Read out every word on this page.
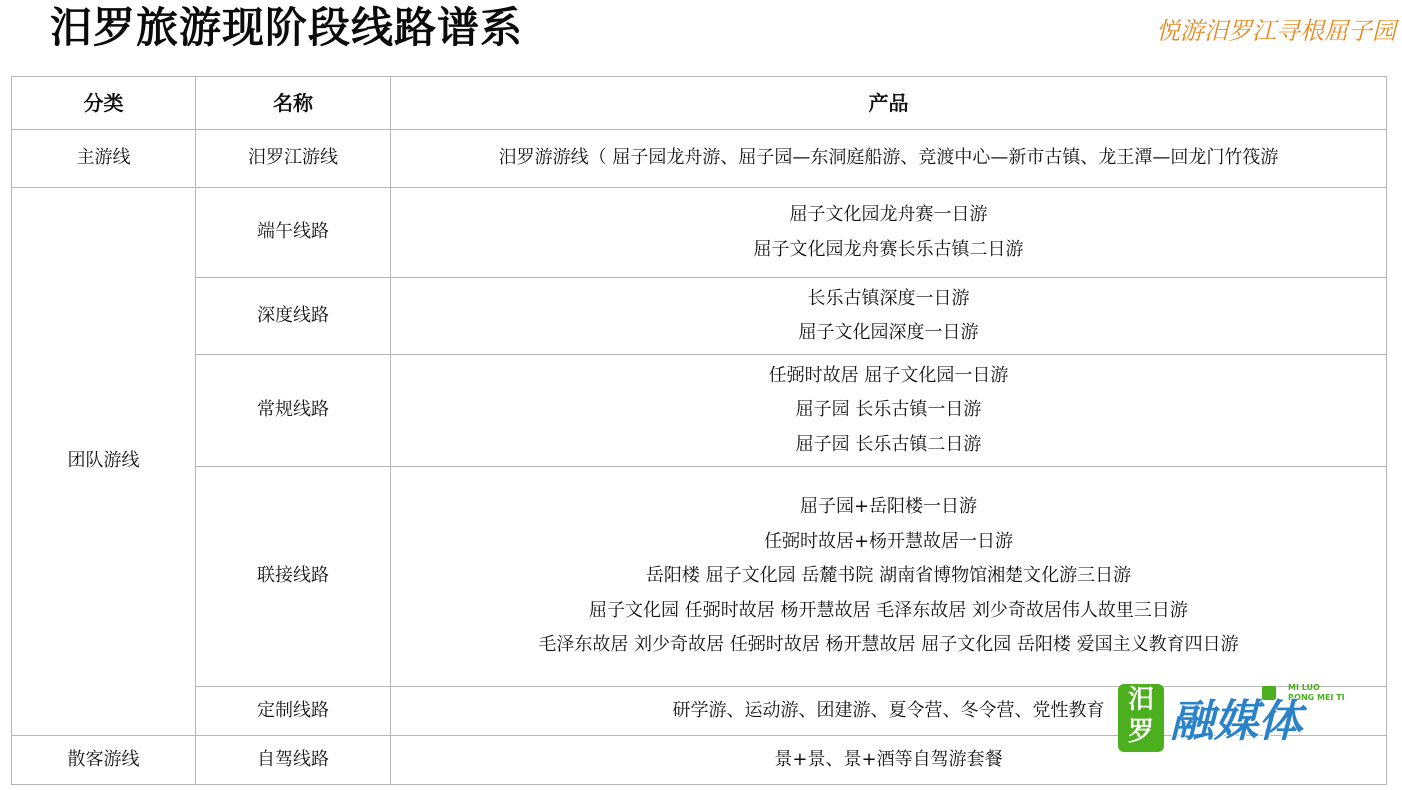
汨罗旅游现阶段线路谱系	悦游汨罗江寻根屈子园
分类	名称	产品
主游线	汨罗江游线	汨罗游游线（ 屈子园龙舟游、屈子园—东洞庭船游、竞渡中心—新市古镇、龙王潭—回龙门竹筏游

团队游线	端午线路	屈子文化园龙舟赛一日游
屈子文化园龙舟赛长乐古镇二日游

	深度线路	长乐古镇深度一日游
屈子文化园深度一日游

	常规线路	任弼时故居 屈子文化园一日游
屈子园 长乐古镇一日游
屈子园 长乐古镇二日游

	联接线路	屈子园+岳阳楼一日游
任弼时故居+杨开慧故居一日游
岳阳楼 屈子文化园 岳麓书院 湖南省博物馆湘楚文化游三日游
屈子文化园 任弼时故居 杨开慧故居 毛泽东故居 刘少奇故居伟人故里三日游
毛泽东故居 刘少奇故居 任弼时故居 杨开慧故居 屈子文化园 岳阳楼 爱国主义教育四日游

	定制线路	研学游、运动游、团建游、夏令营、冬令营、党性教育

散客游线	自驾线路	景+景、景+酒等自驾游套餐
汨
罗
MI LUO
RONG MEI TI
融媒体
